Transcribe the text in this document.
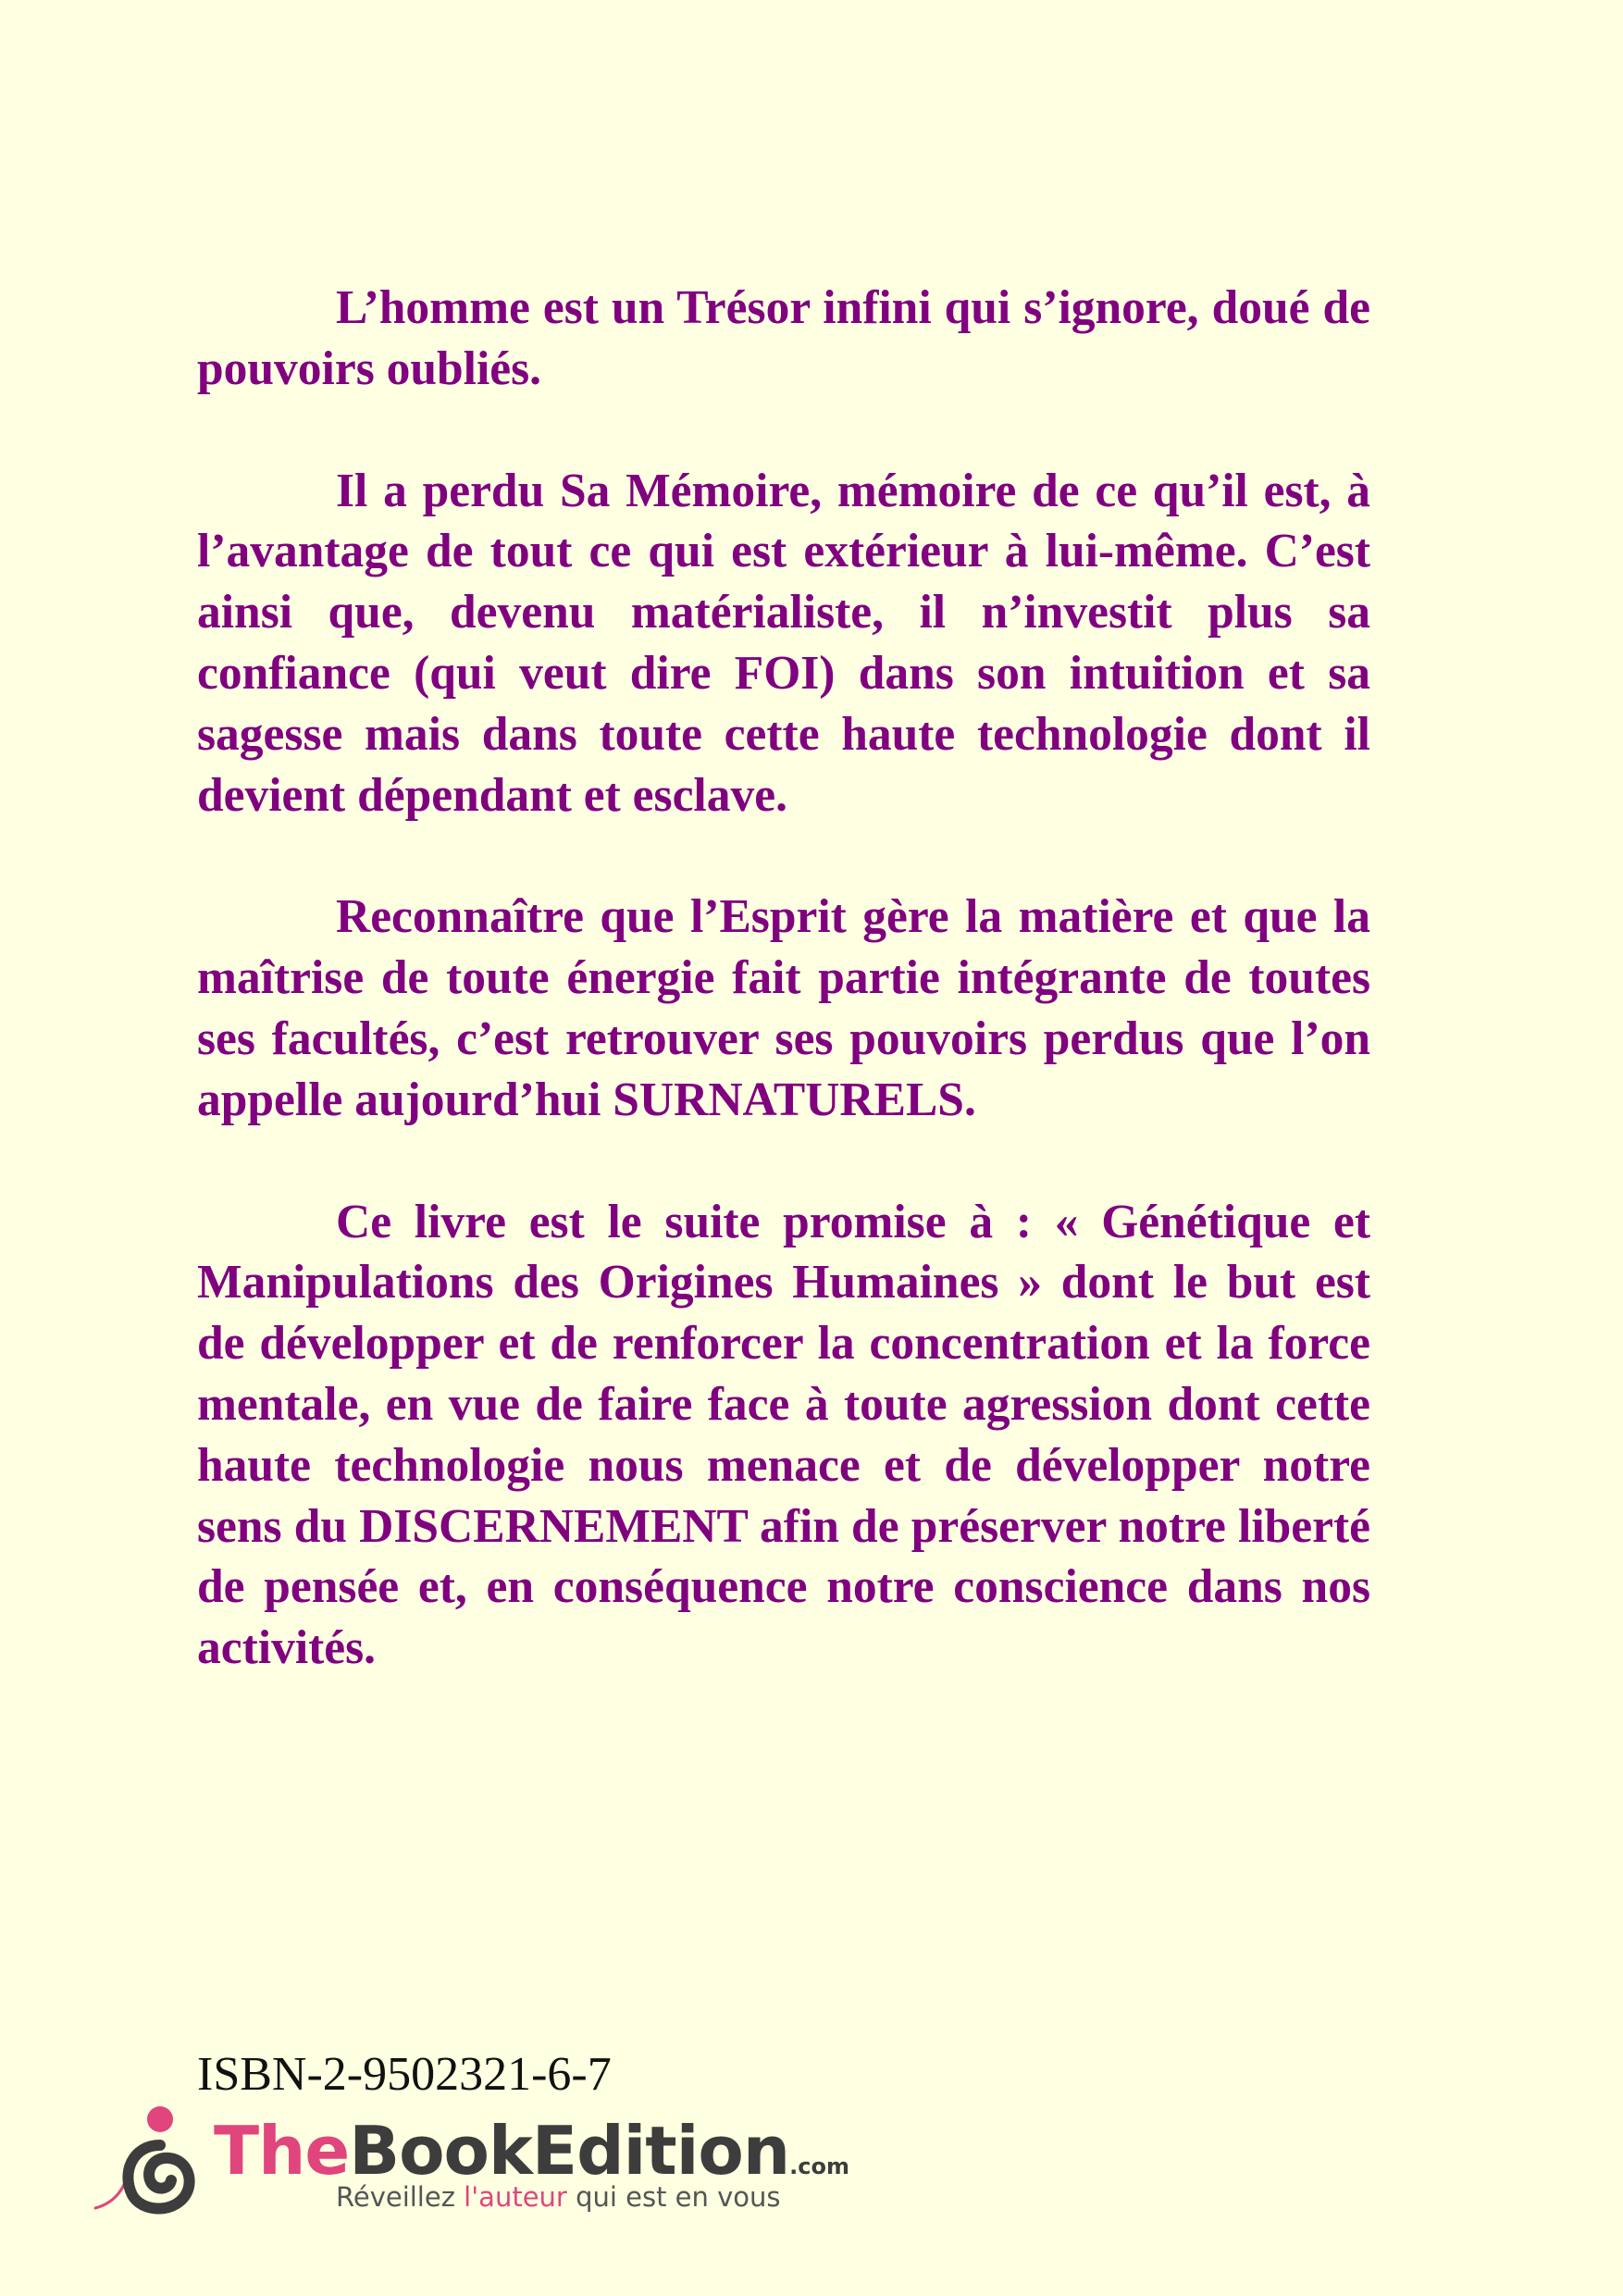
L’homme est un Trésor infini qui s’ignore, doué de pouvoirs oubliés.

Il a perdu Sa Mémoire, mémoire de ce qu’il est, à l’avantage de tout ce qui est extérieur à lui-même. C’est ainsi que, devenu matérialiste, il n’investit plus sa confiance (qui veut dire FOI) dans son intuition et sa sagesse mais dans toute cette haute technologie dont il devient dépendant et esclave.

Reconnaître que l’Esprit gère la matière et que la maîtrise de toute énergie fait partie intégrante de toutes ses facultés, c’est retrouver ses pouvoirs perdus que l’on appelle aujourd’hui SURNATURELS.

Ce livre est le suite promise à : « Génétique et Manipulations des Origines Humaines » dont le but est de développer et de renforcer la concentration et la force mentale, en vue de faire face à toute agression dont cette haute technologie nous menace et de développer notre sens du DISCERNEMENT afin de préserver notre liberté de pensée et, en conséquence notre conscience dans nos activités.

ISBN-2-9502321-6-7
TheBookEdition.com
Réveillez l'auteur qui est en vous
